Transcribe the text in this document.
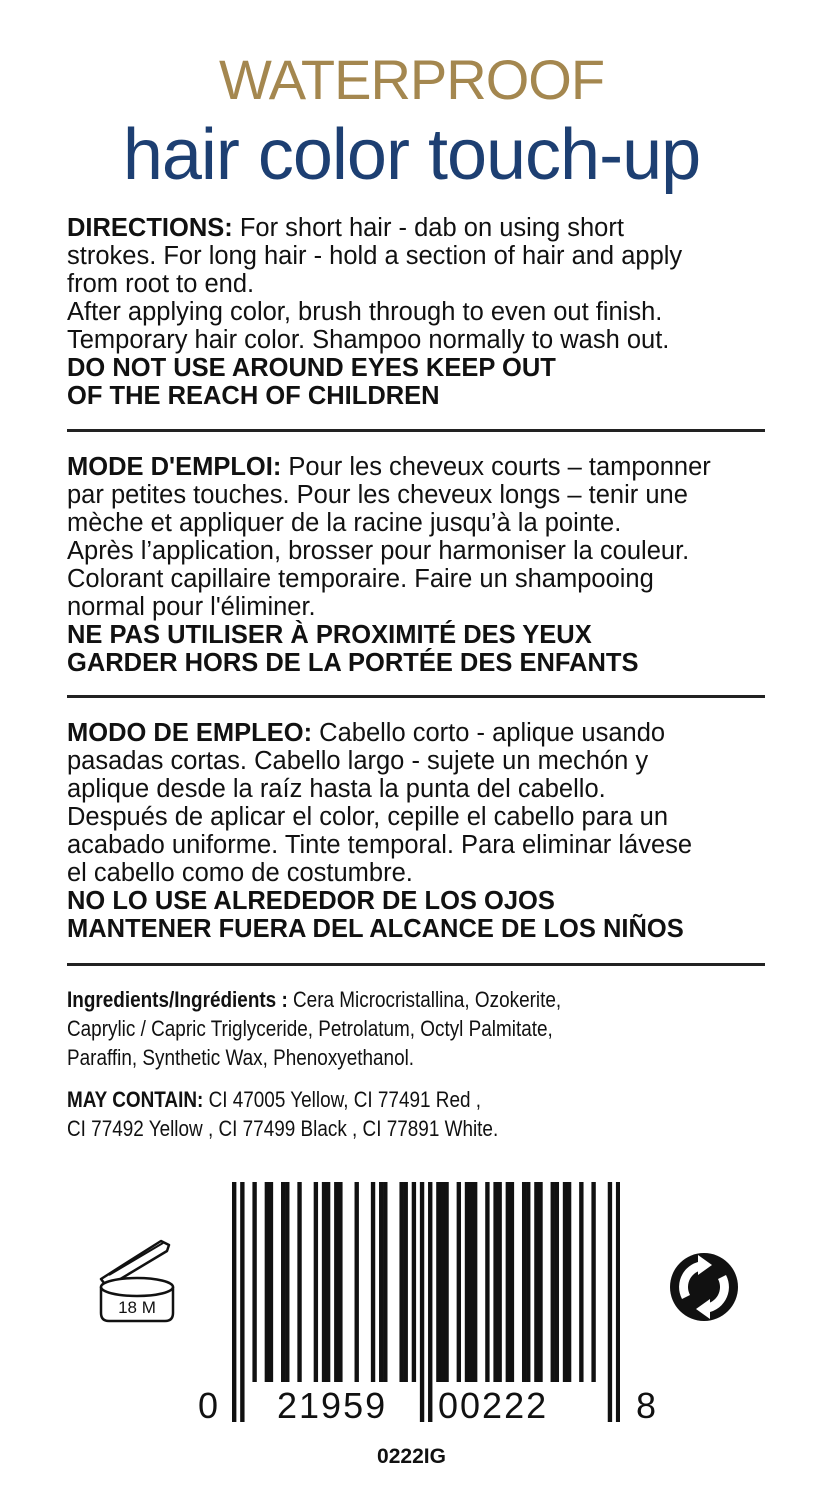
WATERPROOF
hair color touch-up
DIRECTIONS: For short hair - dab on using short
strokes. For long hair - hold a section of hair and apply
from root to end.
After applying color, brush through to even out finish.
Temporary hair color. Shampoo normally to wash out.
DO NOT USE AROUND EYES KEEP OUT
OF THE REACH OF CHILDREN
MODE D'EMPLOI: Pour les cheveux courts – tamponner
par petites touches. Pour les cheveux longs – tenir une
mèche et appliquer de la racine jusqu’à la pointe.
Après l’application, brosser pour harmoniser la couleur.
Colorant capillaire temporaire. Faire un shampooing
normal pour l'éliminer.
NE PAS UTILISER À PROXIMITÉ DES YEUX
GARDER HORS DE LA PORTÉE DES ENFANTS
MODO DE EMPLEO: Cabello corto - aplique usando
pasadas cortas. Cabello largo - sujete un mechón y
aplique desde la raíz hasta la punta del cabello.
Después de aplicar el color, cepille el cabello para un
acabado uniforme. Tinte temporal. Para eliminar lávese
el cabello como de costumbre.
NO LO USE ALREDEDOR DE LOS OJOS
MANTENER FUERA DEL ALCANCE DE LOS NIÑOS
Ingredients/Ingrédients : Cera Microcristallina, Ozokerite,
Caprylic / Capric Triglyceride, Petrolatum, Octyl Palmitate,
Paraffin, Synthetic Wax, Phenoxyethanol.
MAY CONTAIN: CI 47005 Yellow, CI 77491 Red ,
CI 77492 Yellow , CI 77499 Black , CI 77891 White.
18 M
0 21959 00222 8
0222IG
